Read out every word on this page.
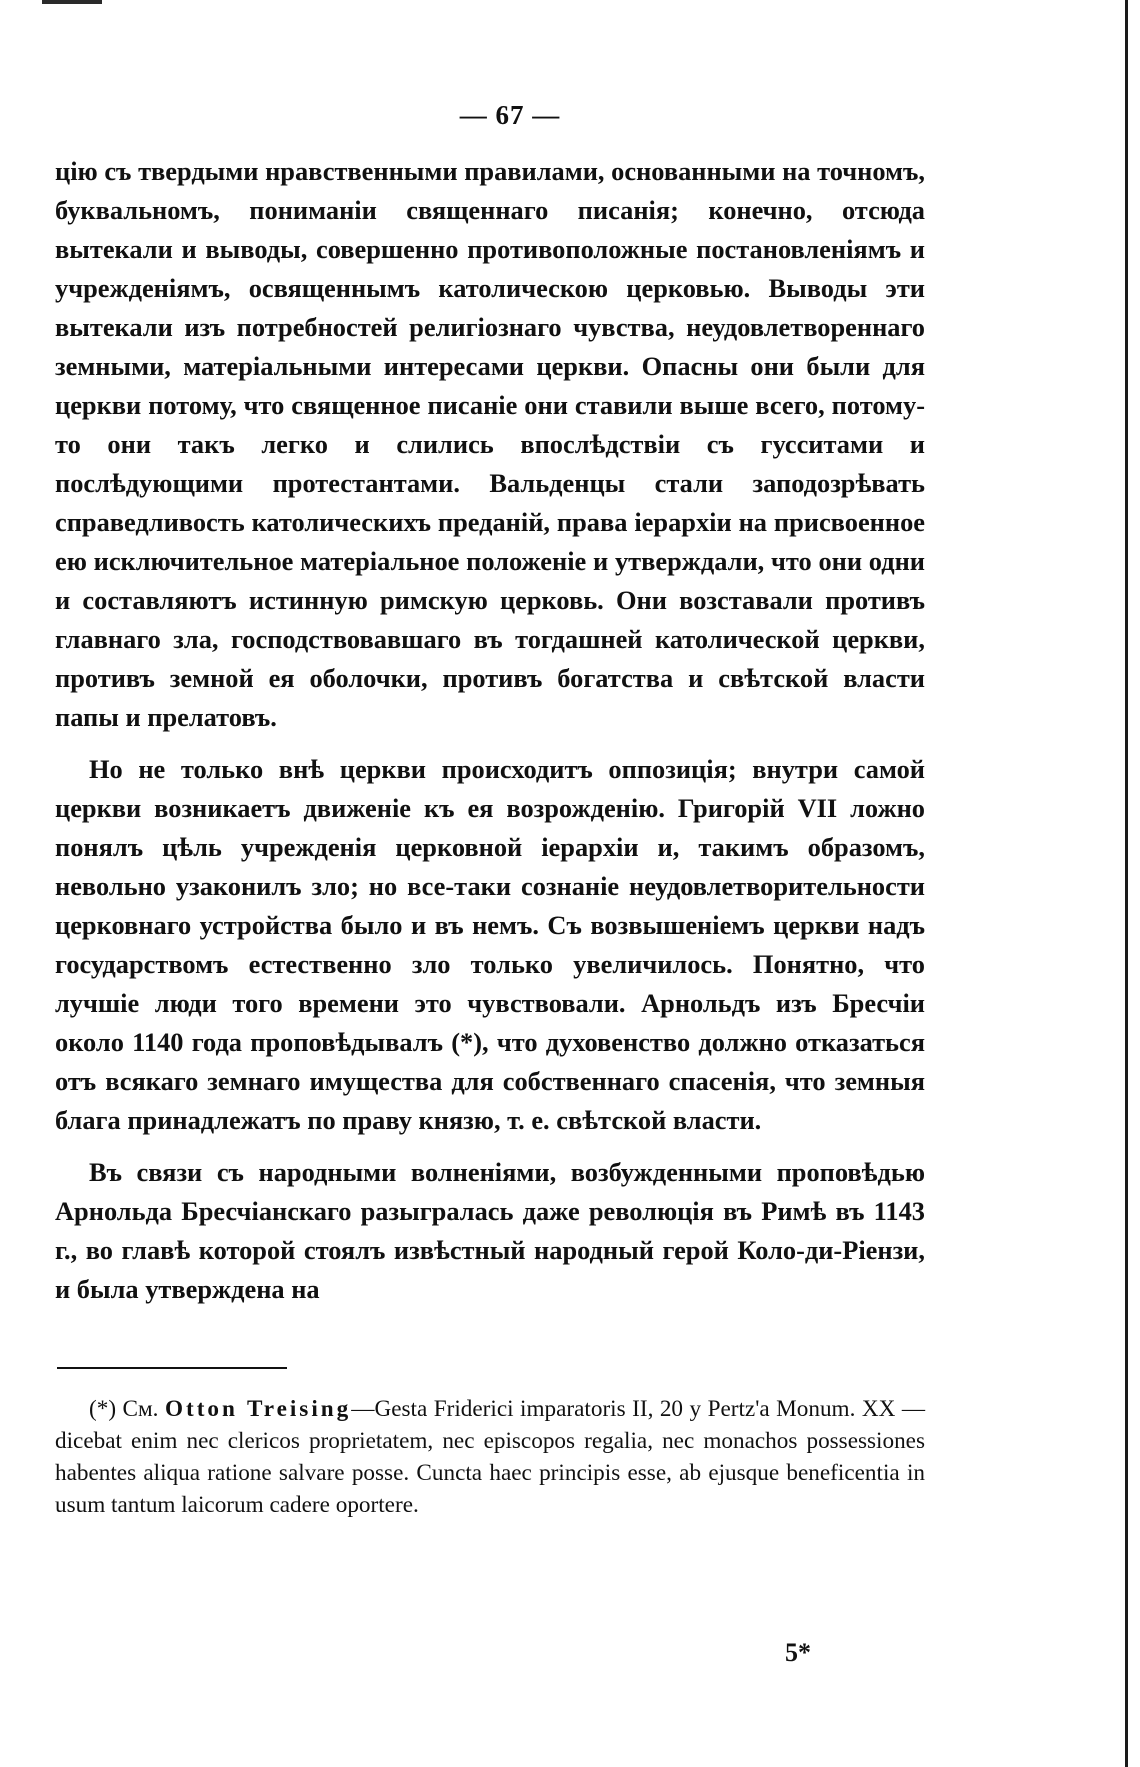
— 67 —

цію съ твердыми нравственными правилами, основанными на точномъ, буквальномъ, пониманіи священнаго писанія; конечно, отсюда вытекали и выводы, совершенно противоположные постановленіямъ и учрежденіямъ, освященнымъ католическою церковью. Выводы эти вытекали изъ потребностей религіознаго чувства, неудовлетвореннаго земными, матеріальными интересами церкви. Опасны они были для церкви потому, что священное писаніе они ставили выше всего, потому-то они такъ легко и слились впослѣдствіи съ гусситами и послѣдующими протестантами. Вальденцы стали заподозрѣвать справедливость католическихъ преданій, права іерархіи на присвоенное ею исключительное матеріальное положеніе и утверждали, что они одни и составляютъ истинную римскую церковь. Они возставали противъ главнаго зла, господствовавшаго въ тогдашней католической церкви, противъ земной ея оболочки, противъ богатства и свѣтской власти папы и прелатовъ.

Но не только внѣ церкви происходитъ оппозиція; внутри самой церкви возникаетъ движеніе къ ея возрожденію. Григорій VII ложно понялъ цѣль учрежденія церковной іерархіи и, такимъ образомъ, невольно узаконилъ зло; но все-таки сознаніе неудовлетворительности церковнаго устройства было и въ немъ. Съ возвышеніемъ церкви надъ государствомъ естественно зло только увеличилось. Понятно, что лучшіе люди того времени это чувствовали. Арнольдъ изъ Бресчіи около 1140 года проповѣдывалъ (*), что духовенство должно отказаться отъ всякаго земнаго имущества для собственнаго спасенія, что земныя блага принадлежатъ по праву князю, т. е. свѣтской власти.

Въ связи съ народными волненіями, возбужденными проповѣдью Арнольда Бресчіанскаго разыгралась даже революція въ Римѣ въ 1143 г., во главѣ которой стоялъ извѣстный народный герой Коло-ди-Ріензи, и была утверждена на

(*) См. Otton Treising—Gesta Friderici imparatoris II, 20 у Pertz'a Monum. XX — dicebat enim nec clericos proprietatem, nec episcopos regalia, nec monachos possessiones habentes aliqua ratione salvare posse. Cuncta haec principis esse, ab ejusque beneficentia in usum tantum laicorum cadere oportere.
5*
